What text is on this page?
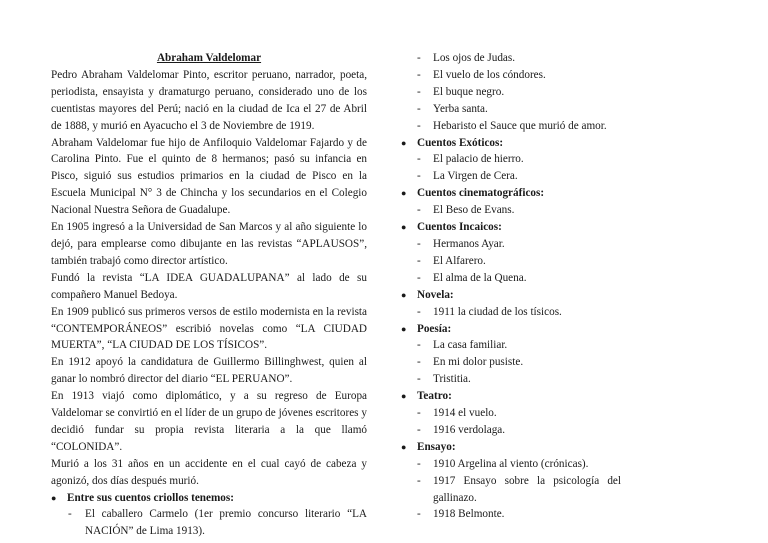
Abraham Valdelomar

Pedro Abraham Valdelomar Pinto, escritor peruano, narrador, poeta, periodista, ensayista y dramaturgo peruano, considerado uno de los cuentistas mayores del Perú; nació en la ciudad de Ica el 27 de Abril de 1888, y murió en Ayacucho el 3 de Noviembre de 1919.

Abraham Valdelomar fue hijo de Anfiloquio Valdelomar Fajardo y de Carolina Pinto. Fue el quinto de 8 hermanos; pasó su infancia en Pisco, siguió sus estudios primarios en la ciudad de Pisco en la Escuela Municipal N° 3 de Chincha y los secundarios en el Colegio Nacional Nuestra Señora de Guadalupe.

En 1905 ingresó a la Universidad de San Marcos y al año siguiente lo dejó, para emplearse como dibujante en las revistas “APLAUSOS”, también trabajó como director artístico.

Fundó la revista “LA IDEA GUADALUPANA” al lado de su compañero Manuel Bedoya.

En 1909 publicó sus primeros versos de estilo modernista en la revista “CONTEMPORÁNEOS” escribió novelas como “LA CIUDAD MUERTA”, “LA CIUDAD DE LOS TÍSICOS”.

En 1912 apoyó la candidatura de Guillermo Billinghwest, quien al ganar lo nombró director del diario “EL PERUANO”.

En 1913 viajó como diplomático, y a su regreso de Europa Valdelomar se convirtió en el líder de un grupo de jóvenes escritores y decidió fundar su propia revista literaria a la que llamó “COLONIDA”.

Murió a los 31 años en un accidente en el cual cayó de cabeza y agonizó, dos días después murió.

● Entre sus cuentos criollos tenemos:

- El caballero Carmelo (1er premio concurso literario “LA NACIÓN” de Lima 1913).

- Los ojos de Judas.

- El vuelo de los cóndores.

- El buque negro.

- Yerba santa.

- Hebaristo el Sauce que murió de amor.

● Cuentos Exóticos:

- El palacio de hierro.

- La Virgen de Cera.

● Cuentos cinematográficos:

- El Beso de Evans.

● Cuentos Incaicos:

- Hermanos Ayar.

- El Alfarero.

- El alma de la Quena.

● Novela:

- 1911 la ciudad de los tísicos.

● Poesía:

- La casa familiar.

- En mi dolor pusiste.

- Tristitia.

● Teatro:

- 1914 el vuelo.

- 1916 verdolaga.

● Ensayo:

- 1910 Argelina al viento (crónicas).

- 1917 Ensayo sobre la psicología del gallinazo.

- 1918 Belmonte.
